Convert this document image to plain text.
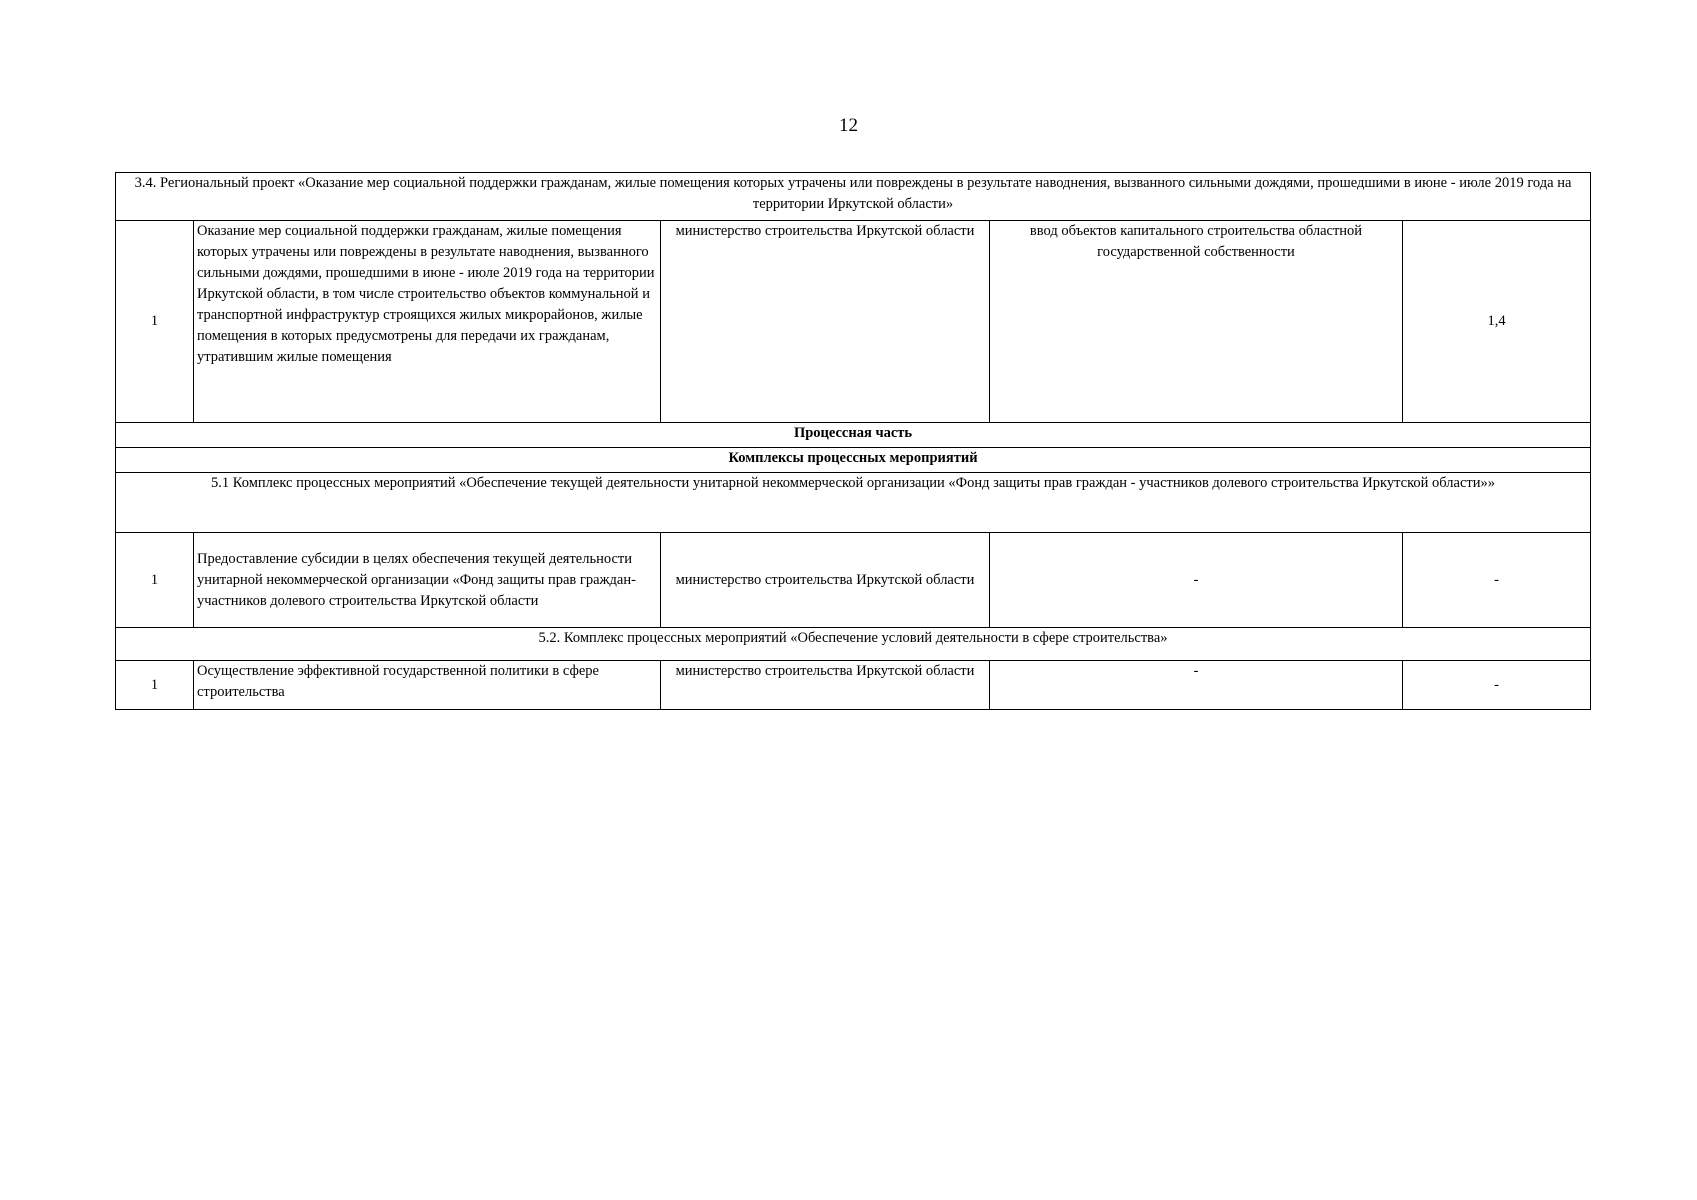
12
3.4. Региональный проект «Оказание мер социальной поддержки гражданам, жилые помещения которых утрачены или повреждены в результате наводнения, вызванного сильными дождями, прошедшими в июне - июле 2019 года на территории Иркутской области»				
1	Оказание мер социальной поддержки гражданам, жилые помещения которых утрачены или повреждены в результате наводнения, вызванного сильными дождями, прошедшими в июне - июле 2019 года на территории Иркутской области, в том числе строительство объектов коммунальной и транспортной инфраструктур строящихся жилых микрорайонов, жилые помещения в которых предусмотрены для передачи их гражданам, утратившим жилые помещения	министерство строительства Иркутской области	ввод объектов капитального строительства областной государственной собственности	1,4
Процессная часть				
Комплексы процессных мероприятий				
5.1 Комплекс процессных мероприятий «Обеспечение текущей деятельности унитарной некоммерческой организации «Фонд защиты прав граждан - участников долевого строительства Иркутской области»»				
1	Предоставление субсидии в целях обеспечения текущей деятельности унитарной некоммерческой организации «Фонд защиты прав граждан-участников долевого строительства Иркутской области	министерство строительства Иркутской области	-	-
5.2. Комплекс процессных мероприятий «Обеспечение условий деятельности в сфере строительства»				
1	Осуществление эффективной государственной политики в сфере строительства	министерство строительства Иркутской области	-	-
